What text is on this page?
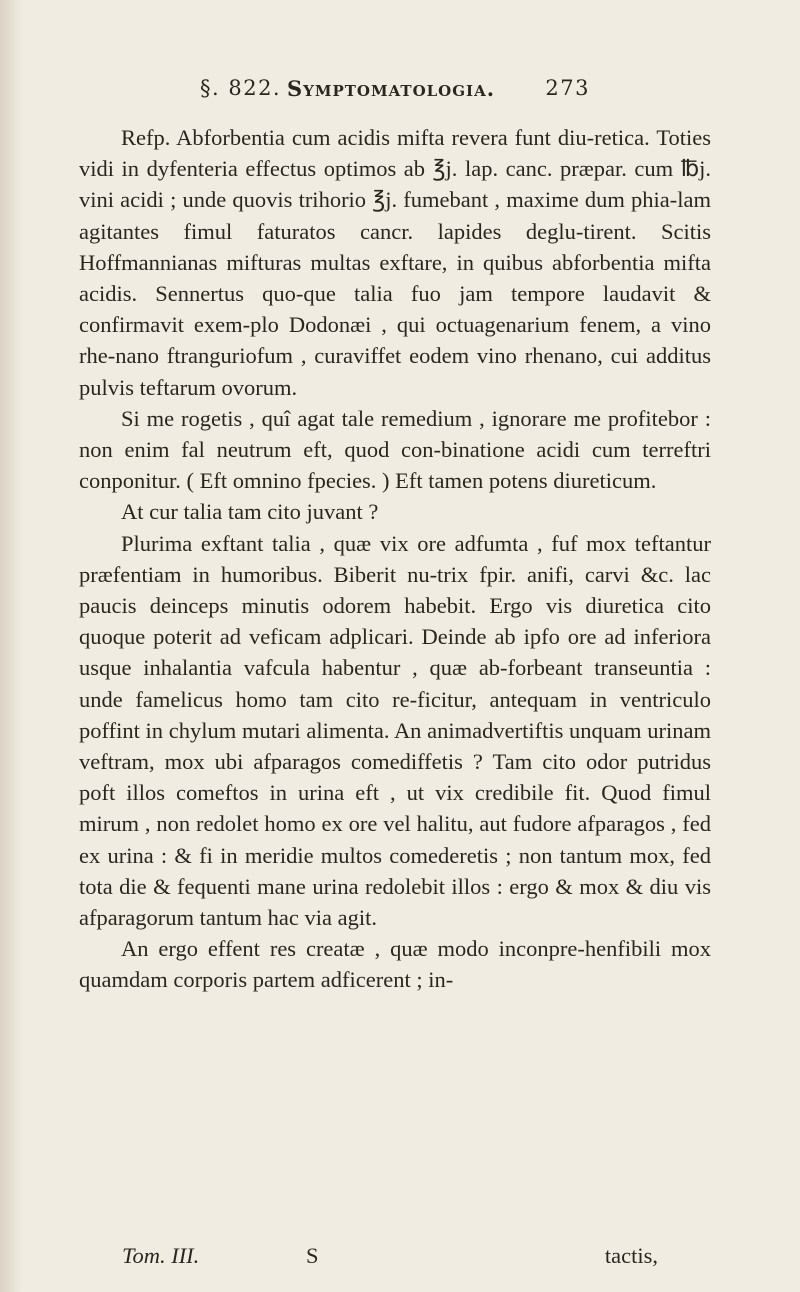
§. 822. Symptomatologia. 273

Refp. Abforbentia cum acidis mifta revera funt diu-retica. Toties vidi in dyfenteria effectus optimos ab ℥j. lap. canc. præpar. cum ℔j. vini acidi ; unde quovis trihorio ℥j. fumebant , maxime dum phia-lam agitantes fimul faturatos cancr. lapides deglu-tirent. Scitis Hoffmannianas mifturas multas exftare, in quibus abforbentia mifta acidis. Sennertus quo-que talia fuo jam tempore laudavit & confirmavit exem-plo Dodonæi , qui octuagenarium fenem, a vino rhe-nano ftranguriofum , curaviffet eodem vino rhenano, cui additus pulvis teftarum ovorum.

Si me rogetis , quî agat tale remedium , ignorare me profitebor : non enim fal neutrum eft, quod con-binatione acidi cum terreftri conponitur. ( Eft omnino fpecies. ) Eft tamen potens diureticum.

At cur talia tam cito juvant ?

Plurima exftant talia , quæ vix ore adfumta , fuf mox teftantur præfentiam in humoribus. Biberit nu-trix fpir. anifi, carvi &c. lac paucis deinceps minutis odorem habebit. Ergo vis diuretica cito quoque poterit ad veficam adplicari. Deinde ab ipfo ore ad inferiora usque inhalantia vafcula habentur , quæ ab-forbeant transeuntia : unde famelicus homo tam cito re-ficitur, antequam in ventriculo poffint in chylum mutari alimenta. An animadvertiftis unquam urinam veftram, mox ubi afparagos comediffetis ? Tam cito odor putridus poft illos comeftos in urina eft , ut vix credibile fit. Quod fimul mirum , non redolet homo ex ore vel halitu, aut fudore afparagos , fed ex urina : & fi in meridie multos comederetis ; non tantum mox, fed tota die & fequenti mane urina redolebit illos : ergo & mox & diu vis afparagorum tantum hac via agit.

An ergo effent res creatæ , quæ modo inconpre-henfibili mox quamdam corporis partem adficerent ; in-

Tom. III.	S	tactis,
